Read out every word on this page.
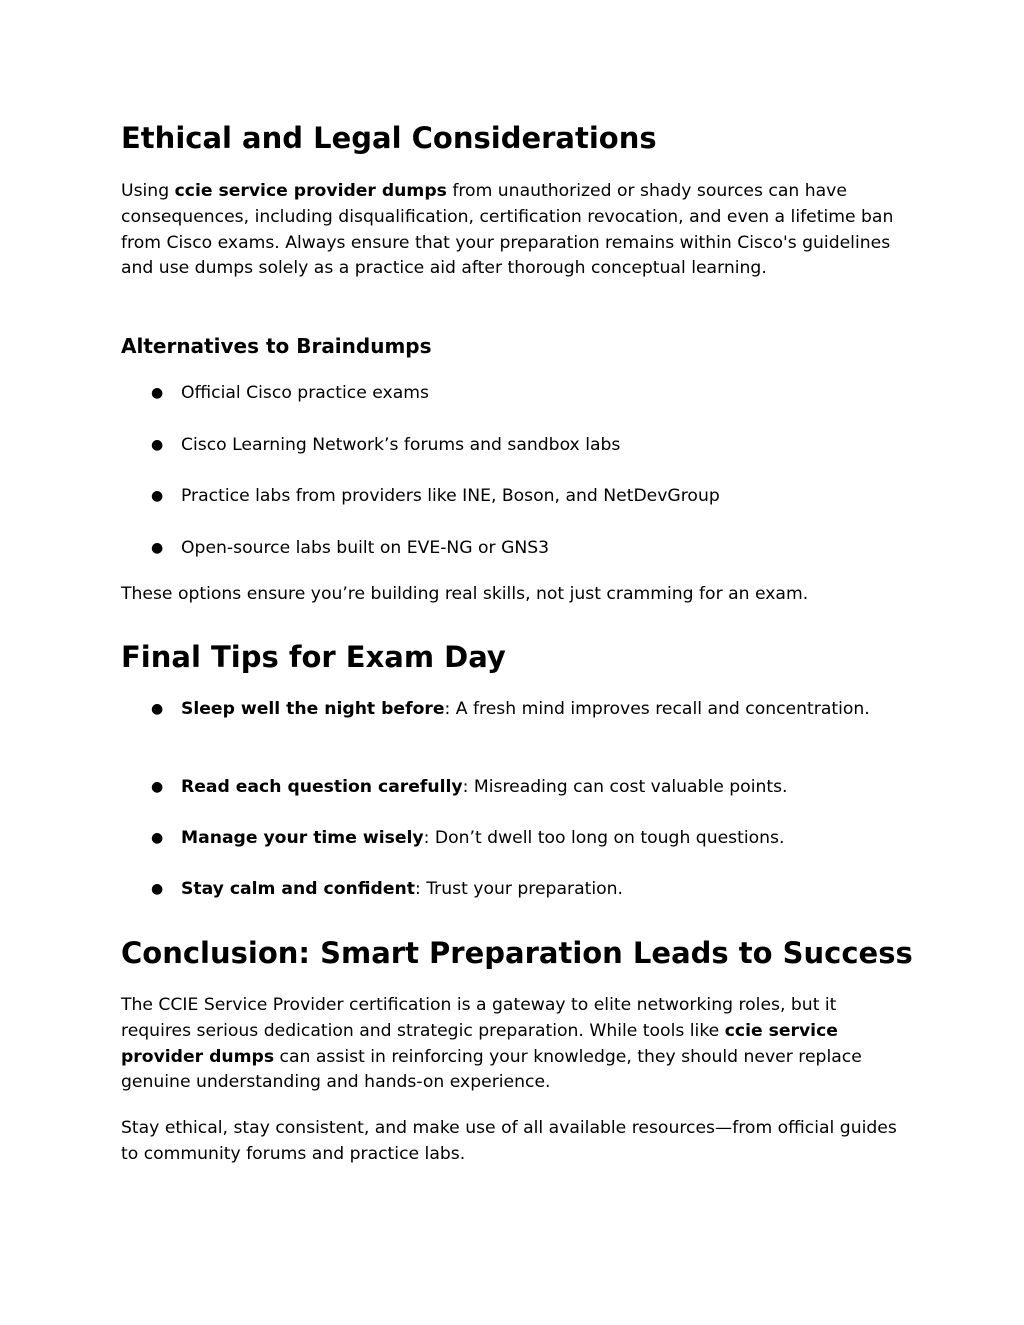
Ethical and Legal Considerations

Using ccie service provider dumps from unauthorized or shady sources can have consequences, including disqualification, certification revocation, and even a lifetime ban from Cisco exams. Always ensure that your preparation remains within Cisco's guidelines and use dumps solely as a practice aid after thorough conceptual learning.

Alternatives to Braindumps
● Official Cisco practice exams
● Cisco Learning Network’s forums and sandbox labs
● Practice labs from providers like INE, Boson, and NetDevGroup
● Open-source labs built on EVE-NG or GNS3

These options ensure you’re building real skills, not just cramming for an exam.

Final Tips for Exam Day
● Sleep well the night before: A fresh mind improves recall and concentration.
● Read each question carefully: Misreading can cost valuable points.
● Manage your time wisely: Don’t dwell too long on tough questions.
● Stay calm and confident: Trust your preparation.
Conclusion: Smart Preparation Leads to Success

The CCIE Service Provider certification is a gateway to elite networking roles, but it requires serious dedication and strategic preparation. While tools like ccie service provider dumps can assist in reinforcing your knowledge, they should never replace genuine understanding and hands-on experience.

Stay ethical, stay consistent, and make use of all available resources—from official guides to community forums and practice labs.
